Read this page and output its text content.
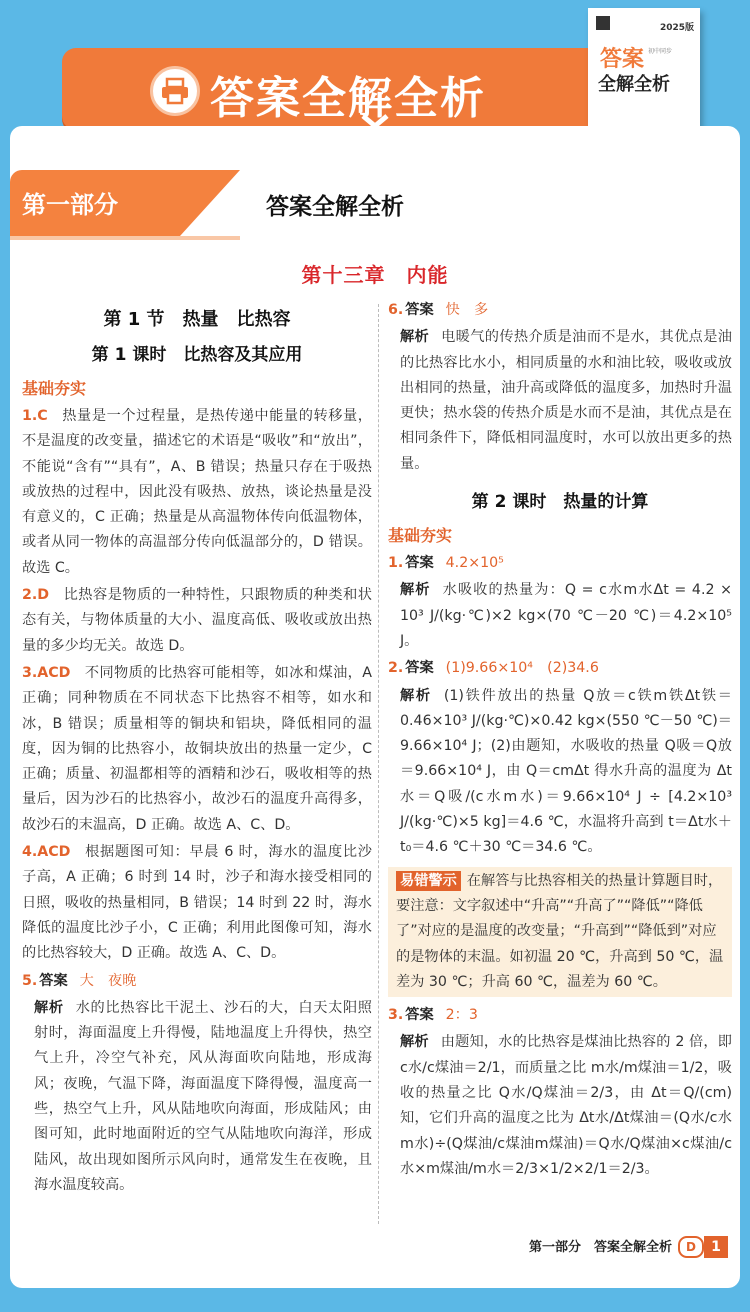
答案全解全析
2025版
初中同步
答案
全解全析
第一部分	答案全解全析
第十三章　内能
第 1 节　热量　比热容
第 1 课时　比热容及其应用
基础夯实
1.C 热量是一个过程量，是热传递中能量的转移量，不是温度的改变量，描述它的术语是“吸收”和“放出”，不能说“含有”“具有”，A、B 错误；热量只存在于吸热或放热的过程中，因此没有吸热、放热，谈论热量是没有意义的，C 正确；热量是从高温物体传向低温物体，或者从同一物体的高温部分传向低温部分的，D 错误。故选 C。
2.D 比热容是物质的一种特性，只跟物质的种类和状态有关，与物体质量的大小、温度高低、吸收或放出热量的多少均无关。故选 D。
3.ACD 不同物质的比热容可能相等，如冰和煤油，A 正确；同种物质在不同状态下比热容不相等，如水和冰，B 错误；质量相等的铜块和铝块，降低相同的温度，因为铜的比热容小，故铜块放出的热量一定少，C 正确；质量、初温都相等的酒精和沙石，吸收相等的热量后，因为沙石的比热容小，故沙石的温度升高得多，故沙石的末温高，D 正确。故选 A、C、D。
4.ACD 根据题图可知：早晨 6 时，海水的温度比沙子高，A 正确；6 时到 14 时，沙子和海水接受相同的日照，吸收的热量相同，B 错误；14 时到 22 时，海水降低的温度比沙子小，C 正确；利用此图像可知，海水的比热容较大，D 正确。故选 A、C、D。
5. 答案 大　夜晚
解析 水的比热容比干泥土、沙石的大，白天太阳照射时，海面温度上升得慢，陆地温度上升得快，热空气上升，冷空气补充，风从海面吹向陆地，形成海风；夜晚，气温下降，海面温度下降得慢，温度高一些，热空气上升，风从陆地吹向海面，形成陆风；由图可知，此时地面附近的空气从陆地吹向海洋，形成陆风，故出现如图所示风向时，通常发生在夜晚，且海水温度较高。
6. 答案 快　多
解析 电暖气的传热介质是油而不是水，其优点是油的比热容比水小，相同质量的水和油比较，吸收或放出相同的热量，油升高或降低的温度多，加热时升温更快；热水袋的传热介质是水而不是油，其优点是在相同条件下，降低相同温度时，水可以放出更多的热量。
第 2 课时　热量的计算
基础夯实
1. 答案 4.2×10⁵
解析 水吸收的热量为：Q = c水m水Δt = 4.2 × 10³ J/(kg·℃)×2 kg×(70 ℃－20 ℃)＝4.2×10⁵ J。
2. 答案 (1)9.66×10⁴　(2)34.6
解析 (1)铁件放出的热量 Q放＝c铁m铁Δt铁＝0.46×10³ J/(kg·℃)×0.42 kg×(550 ℃－50 ℃)＝9.66×10⁴ J；(2)由题知，水吸收的热量 Q吸＝Q放＝9.66×10⁴ J，由 Q＝cmΔt 得水升高的温度为 Δt水＝Q吸/(c水m水)＝9.66×10⁴ J ÷ [4.2×10³ J/(kg·℃)×5 kg]＝4.6 ℃，水温将升高到 t＝Δt水＋t₀＝4.6 ℃＋30 ℃＝34.6 ℃。
易错警示 在解答与比热容相关的热量计算题目时，要注意：文字叙述中“升高”“升高了”“降低”“降低了”对应的是温度的改变量；“升高到”“降低到”对应的是物体的末温。如初温 20 ℃，升高到 50 ℃，温差为 30 ℃；升高 60 ℃，温差为 60 ℃。
3. 答案 2：3
解析 由题知，水的比热容是煤油比热容的 2 倍，即 c水/c煤油＝2/1，而质量之比 m水/m煤油＝1/2，吸收的热量之比 Q水/Q煤油＝2/3，由 Δt＝Q/(cm)知，它们升高的温度之比为 Δt水/Δt煤油＝(Q水/c水m水)÷(Q煤油/c煤油m煤油)＝Q水/Q煤油×c煤油/c水×m煤油/m水＝2/3×1/2×2/1＝2/3。
第一部分　答案全解全析	D	1
